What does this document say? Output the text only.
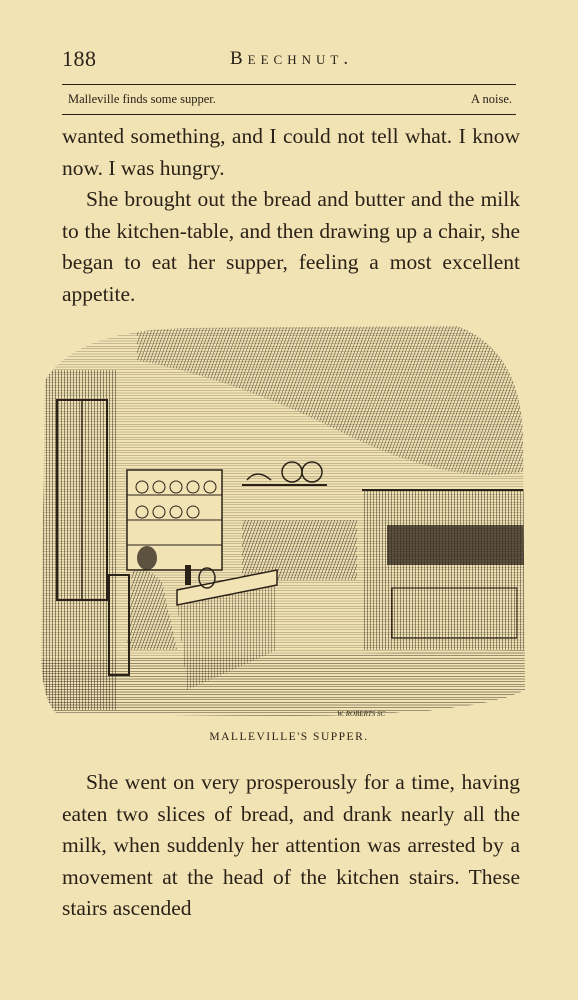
188	Beechnut.
Malleville finds some supper.	A noise.

wanted something, and I could not tell what. I know now. I was hungry.

She brought out the bread and butter and the milk to the kitchen-table, and then drawing up a chair, she began to eat her supper, feeling a most excellent appetite.

W. ROBERTS SC
MALLEVILLE'S SUPPER.

She went on very prosperously for a time, having eaten two slices of bread, and drank nearly all the milk, when suddenly her attention was arrested by a movement at the head of the kitchen stairs. These stairs ascended
